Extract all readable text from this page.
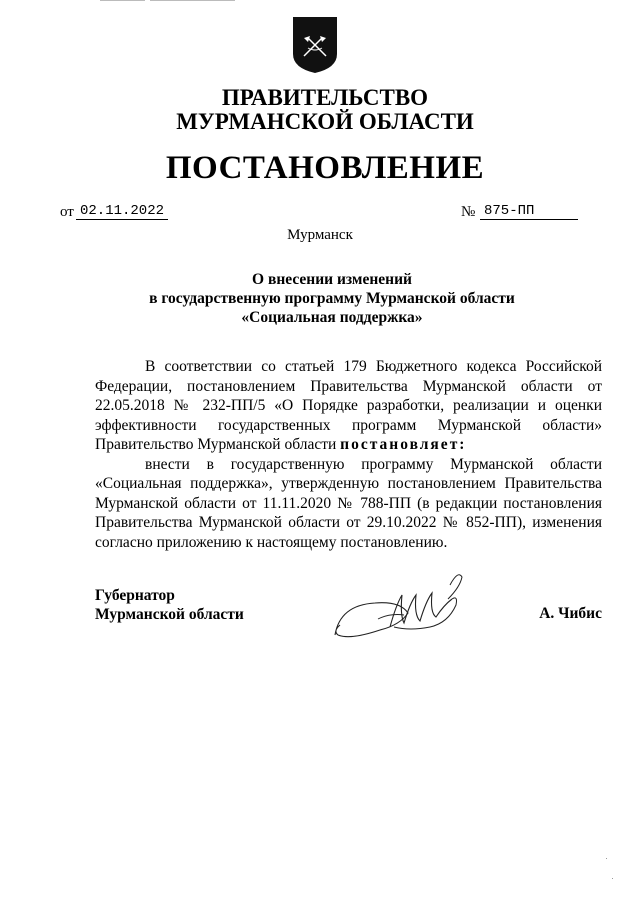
ПРАВИТЕЛЬСТВО
МУРМАНСКОЙ ОБЛАСТИ
ПОСТАНОВЛЕНИЕ
от 02.11.2022	№ 875-ПП
Мурманск
О внесении изменений
в государственную программу Мурманской области
«Социальная поддержка»

В соответствии со статьей 179 Бюджетного кодекса Российской Федерации, постановлением Правительства Мурманской области от 22.05.2018 № 232-ПП/5 «О Порядке разработки, реализации и оценки эффективности государственных программ Мурманской области» Правительство Мурманской области постановляет:

внести в государственную программу Мурманской области «Социальная поддержка», утвержденную постановлением Правительства Мурманской области от 11.11.2020 № 788-ПП (в редакции постановления Правительства Мурманской области от 29.10.2022 № 852-ПП), изменения согласно приложению к настоящему постановлению.

Губернатор
Мурманской области	А. Чибис
